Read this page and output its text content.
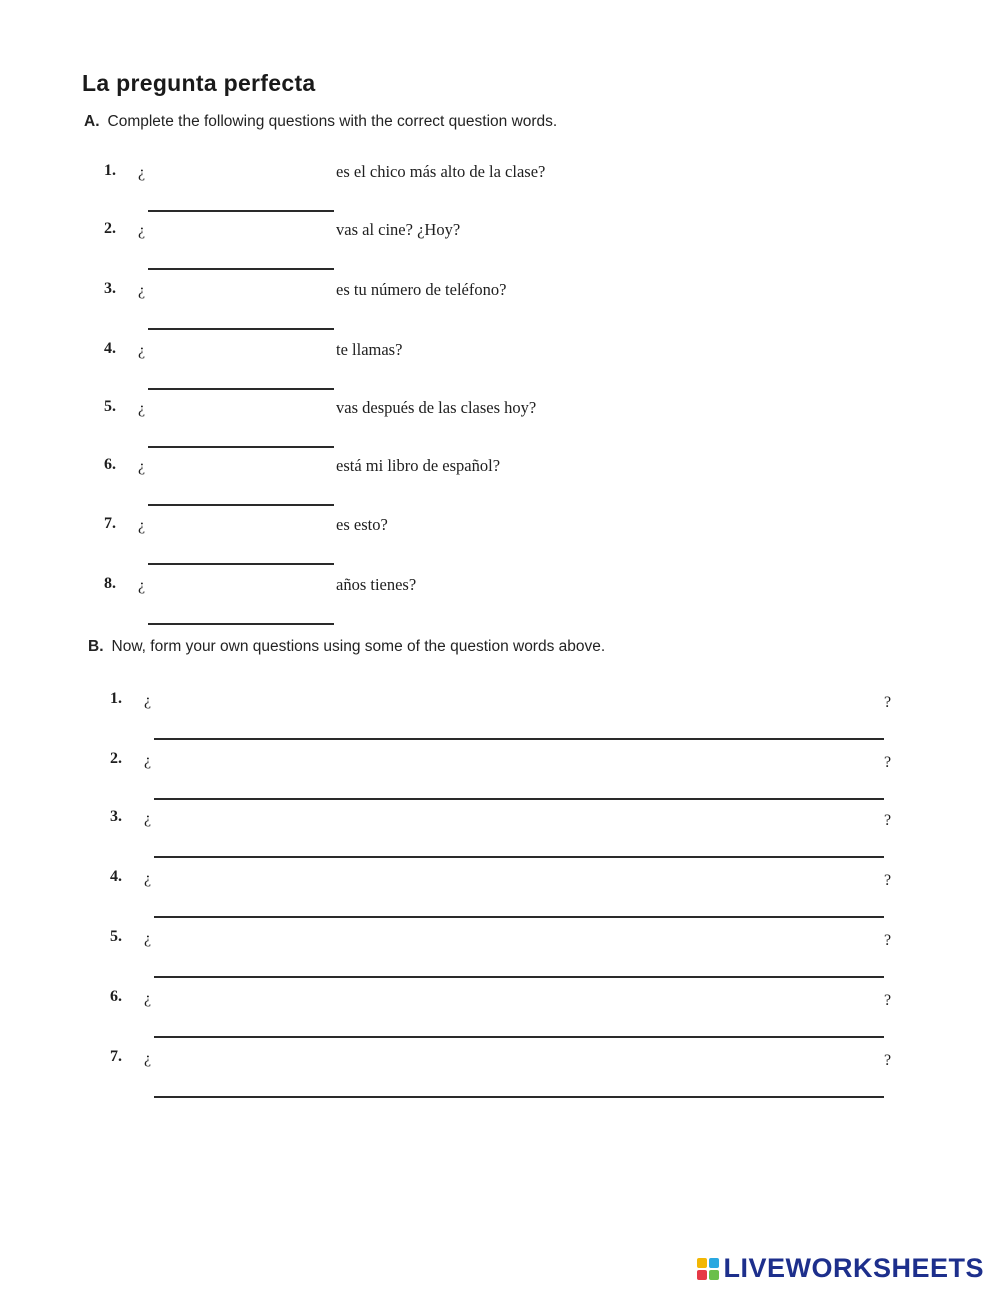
La pregunta perfecta
A. Complete the following questions with the correct question words.
1.	¿	es el chico más alto de la clase?
2.	¿	vas al cine? ¿Hoy?
3.	¿	es tu número de teléfono?
4.	¿	te llamas?
5.	¿	vas después de las clases hoy?
6.	¿	está mi libro de español?
7.	¿	es esto?
8.	¿	años tienes?
B. Now, form your own questions using some of the question words above.
1.	¿	?
2.	¿	?
3.	¿	?
4.	¿	?
5.	¿	?
6.	¿	?
7.	¿	?
LIVEWORKSHEETS
